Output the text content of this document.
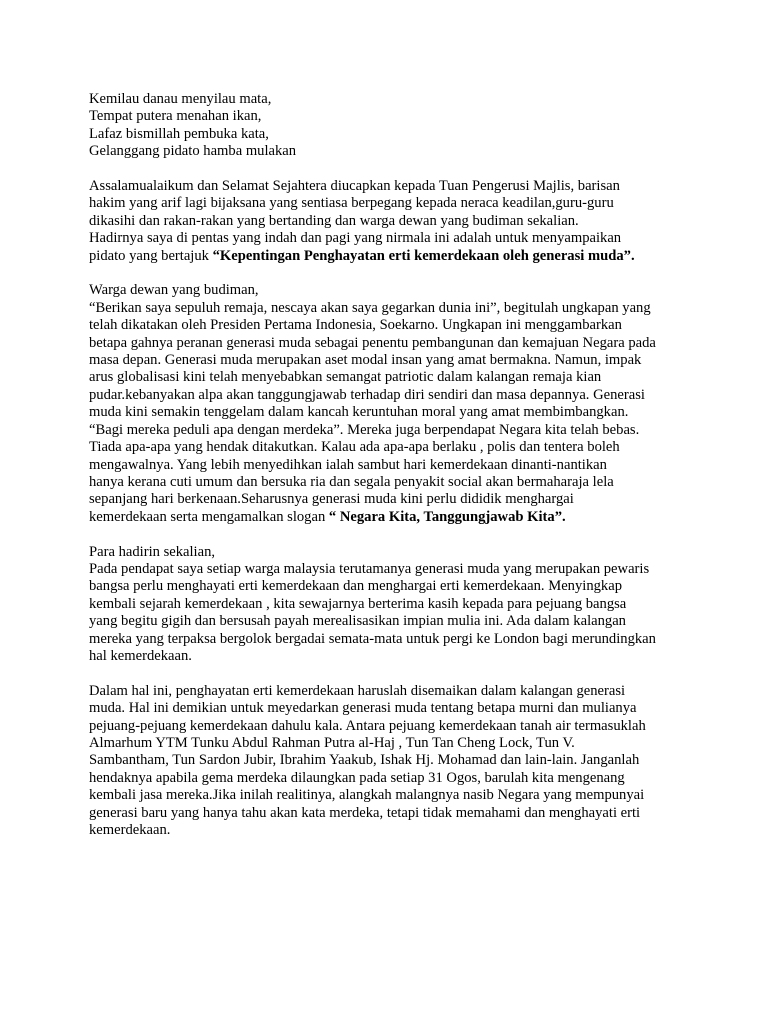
Kemilau danau menyilau mata,
Tempat putera menahan ikan,
Lafaz bismillah pembuka kata,
Gelanggang pidato hamba mulakan
Assalamualaikum dan Selamat Sejahtera diucapkan kepada Tuan Pengerusi Majlis, barisan
hakim yang arif lagi bijaksana yang sentiasa berpegang kepada neraca keadilan,guru-guru
dikasihi dan rakan-rakan yang bertanding dan warga dewan yang budiman sekalian.
Hadirnya saya di pentas yang indah dan pagi yang nirmala ini adalah untuk menyampaikan
pidato yang bertajuk “Kepentingan Penghayatan erti kemerdekaan oleh generasi muda”.
Warga dewan yang budiman,
“Berikan saya sepuluh remaja, nescaya akan saya gegarkan dunia ini”, begitulah ungkapan yang
telah dikatakan oleh Presiden Pertama Indonesia, Soekarno. Ungkapan ini menggambarkan
betapa gahnya peranan generasi muda sebagai penentu pembangunan dan kemajuan Negara pada
masa depan. Generasi muda merupakan aset modal insan yang amat bermakna. Namun, impak
arus globalisasi kini telah menyebabkan semangat patriotic dalam kalangan remaja kian
pudar.kebanyakan alpa akan tanggungjawab terhadap diri sendiri dan masa depannya. Generasi
muda kini semakin tenggelam dalam kancah keruntuhan moral yang amat membimbangkan.
“Bagi mereka peduli apa dengan merdeka”. Mereka juga berpendapat Negara kita telah bebas.
Tiada apa-apa yang hendak ditakutkan. Kalau ada apa-apa berlaku , polis dan tentera boleh
mengawalnya. Yang lebih menyedihkan ialah sambut hari kemerdekaan dinanti-nantikan
hanya kerana cuti umum dan bersuka ria dan segala penyakit social akan bermaharaja lela
sepanjang hari berkenaan.Seharusnya generasi muda kini perlu dididik menghargai
kemerdekaan serta mengamalkan slogan “ Negara Kita, Tanggungjawab Kita”.
Para hadirin sekalian,
Pada pendapat saya setiap warga malaysia terutamanya generasi muda yang merupakan pewaris
bangsa perlu menghayati erti kemerdekaan dan menghargai erti kemerdekaan. Menyingkap
kembali sejarah kemerdekaan , kita sewajarnya berterima kasih kepada para pejuang bangsa
yang begitu gigih dan bersusah payah merealisasikan impian mulia ini. Ada dalam kalangan
mereka yang terpaksa bergolok bergadai semata-mata untuk pergi ke London bagi merundingkan
hal kemerdekaan.
Dalam hal ini, penghayatan erti kemerdekaan haruslah disemaikan dalam kalangan generasi
muda. Hal ini demikian untuk meyedarkan generasi muda tentang betapa murni dan mulianya
pejuang-pejuang kemerdekaan dahulu kala. Antara pejuang kemerdekaan tanah air termasuklah
Almarhum YTM Tunku Abdul Rahman Putra al-Haj , Tun Tan Cheng Lock, Tun V.
Sambantham, Tun Sardon Jubir, Ibrahim Yaakub, Ishak Hj. Mohamad dan lain-lain. Janganlah
hendaknya apabila gema merdeka dilaungkan pada setiap 31 Ogos, barulah kita mengenang
kembali jasa mereka.Jika inilah realitinya, alangkah malangnya nasib Negara yang mempunyai
generasi baru yang hanya tahu akan kata merdeka, tetapi tidak memahami dan menghayati erti
kemerdekaan.
